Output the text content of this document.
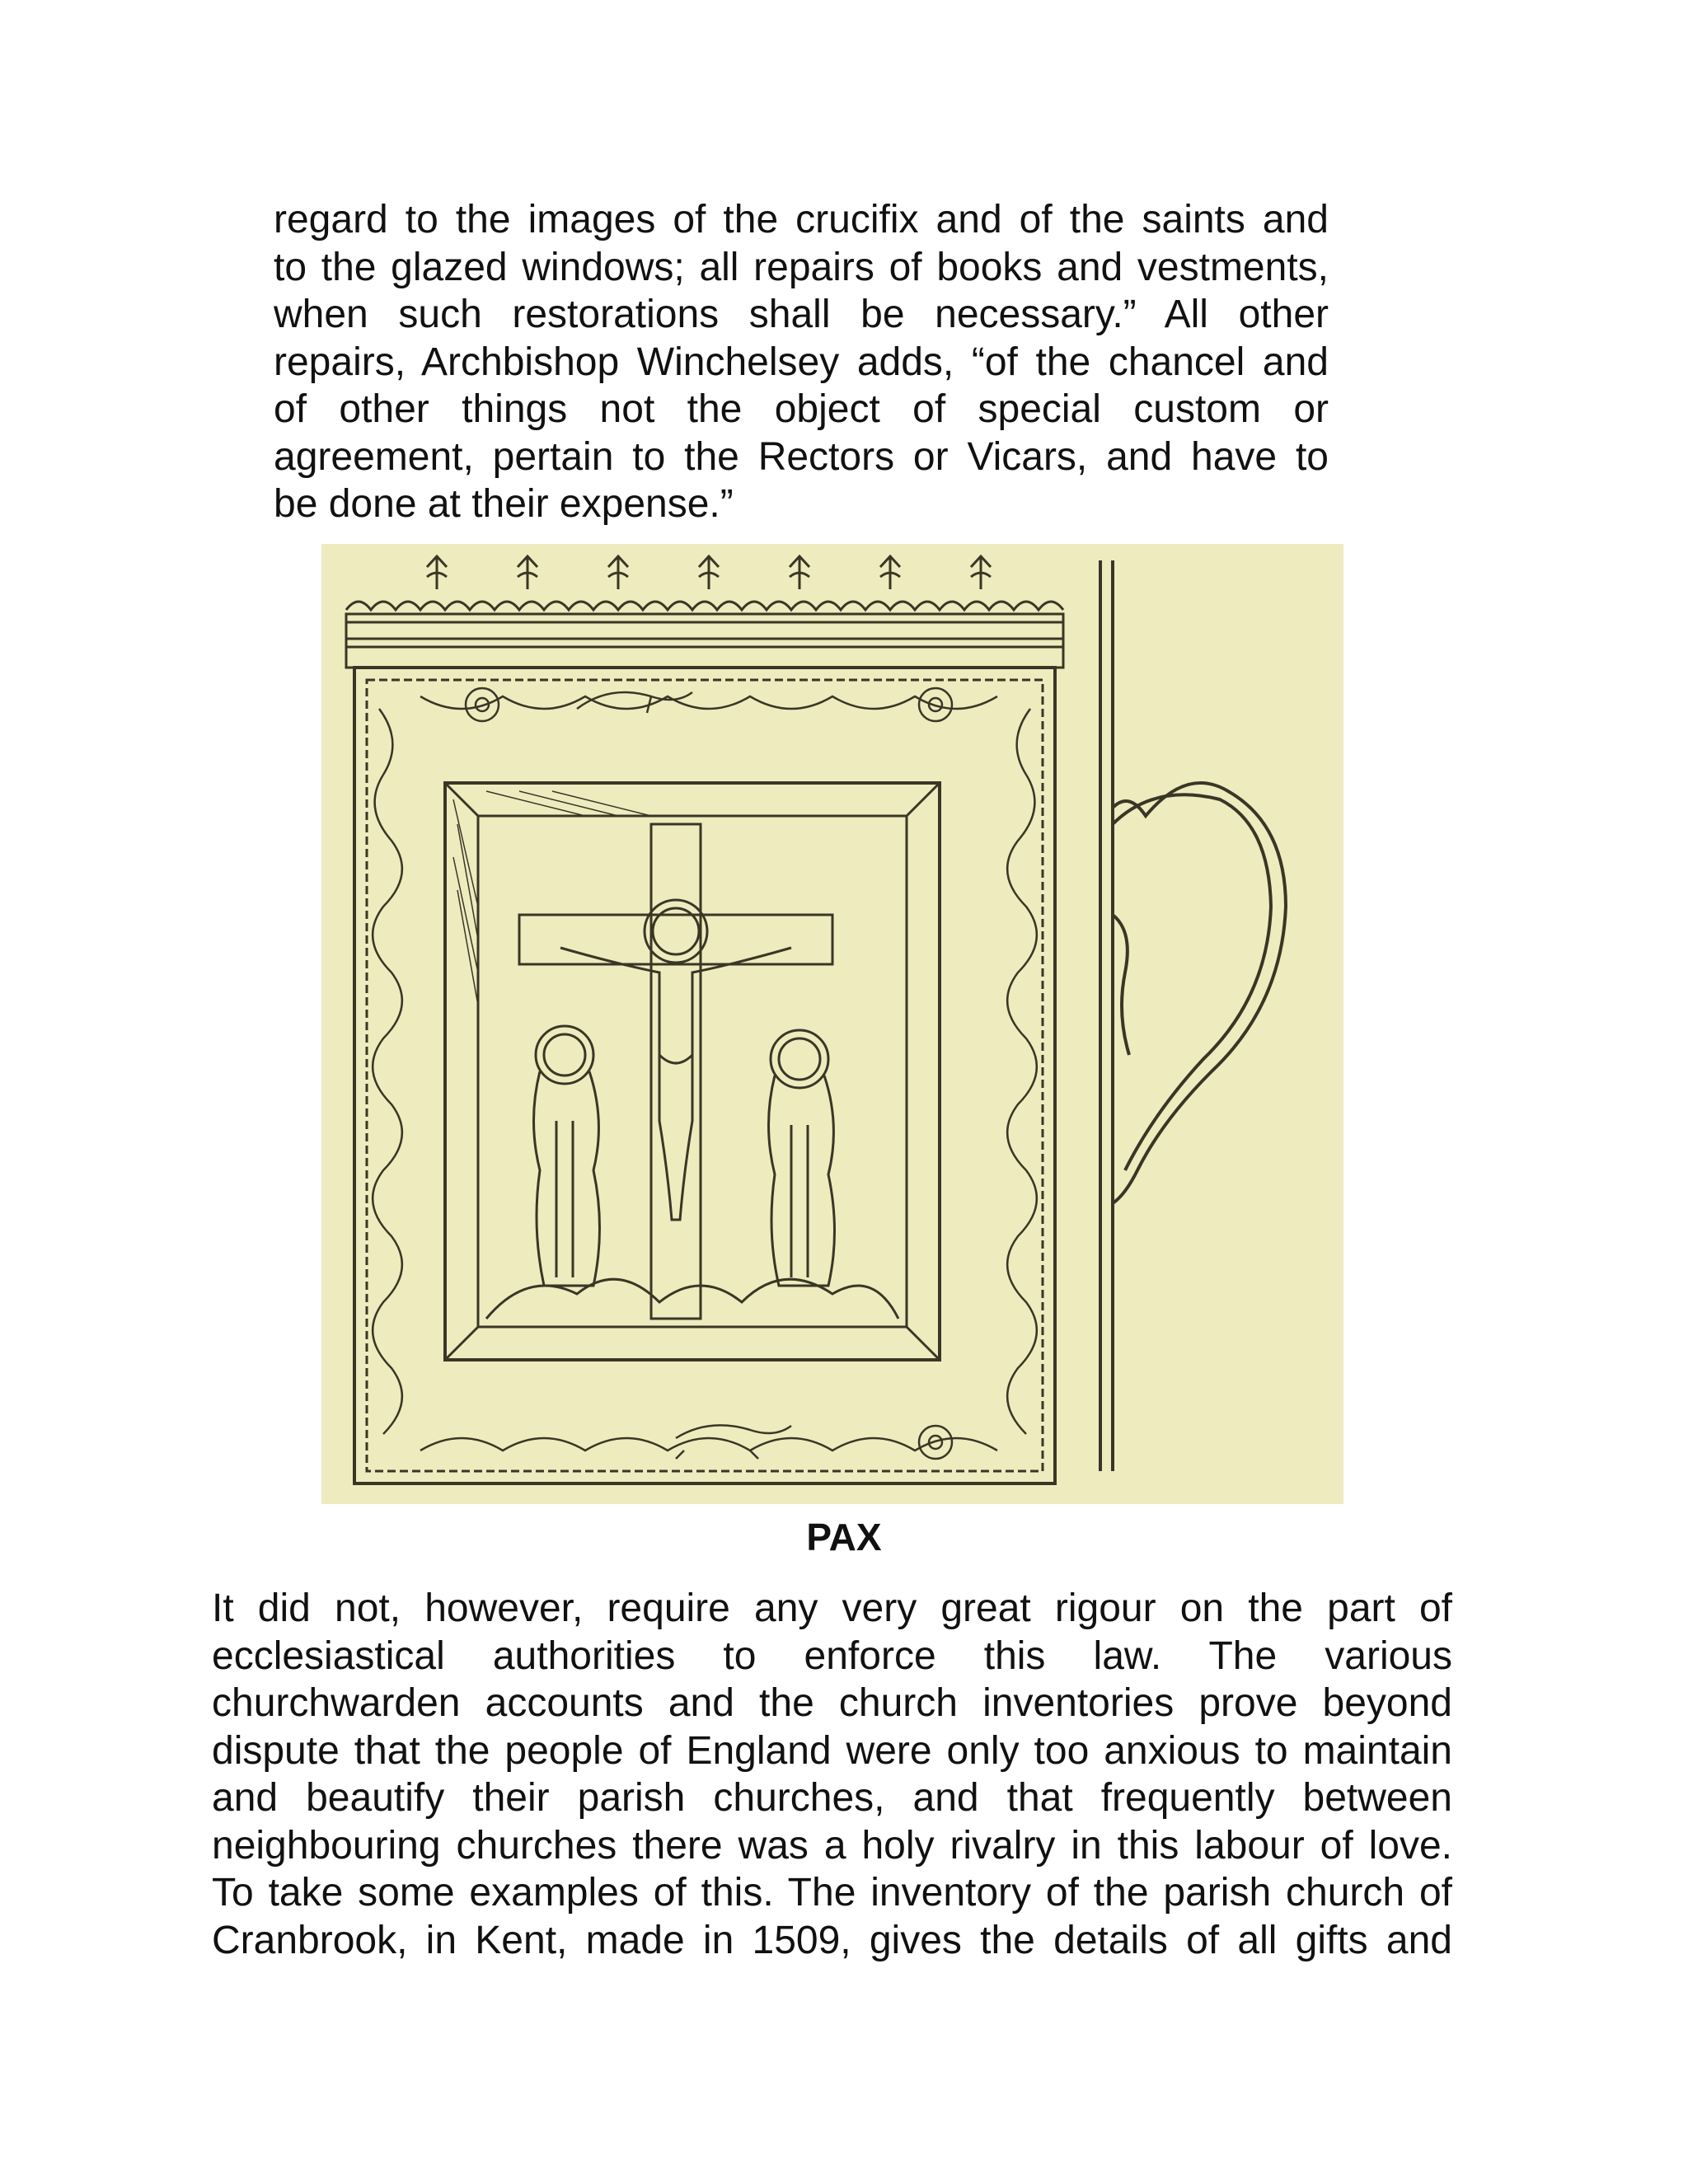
regard to the images of the crucifix and of the saints and
to the glazed windows; all repairs of books and vestments,
when such restorations shall be necessary.” All other
repairs, Archbishop Winchelsey adds, “of the chancel and
of other things not the object of special custom or
agreement, pertain to the Rectors or Vicars, and have to
be done at their expense.”
PAX
It did not, however, require any very great rigour on the part of
ecclesiastical authorities to enforce this law. The various
churchwarden accounts and the church inventories prove beyond
dispute that the people of England were only too anxious to maintain
and beautify their parish churches, and that frequently between
neighbouring churches there was a holy rivalry in this labour of love.
To take some examples of this. The inventory of the parish church of
Cranbrook, in Kent, made in 1509, gives the details of all gifts and
